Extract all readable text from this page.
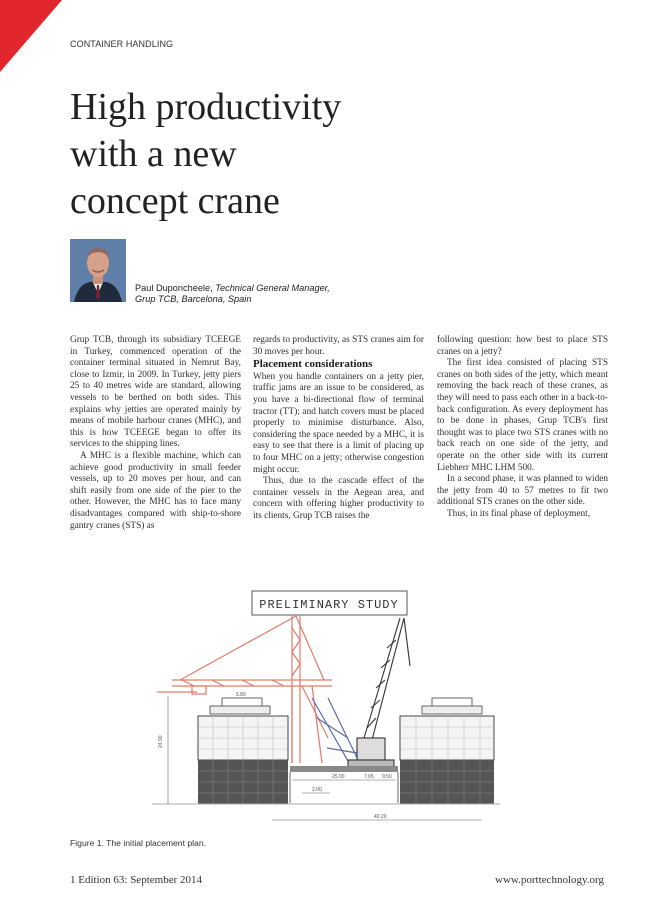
CONTAINER HANDLING
High productivity
with a new
concept crane
Paul Duponcheele, Technical General Manager,
Grup TCB, Barcelona, Spain

Grup TCB, through its subsidiary TCEEGE in Turkey, commenced operation of the container terminal situated in Nemrut Bay, close to Izmir, in 2009. In Turkey, jetty piers 25 to 40 metres wide are standard, allowing vessels to be berthed on both sides. This explains why jetties are operated mainly by means of mobile harbour cranes (MHC), and this is how TCEEGE began to offer its services to the shipping lines.

A MHC is a flexible machine, which can achieve good productivity in small feeder vessels, up to 20 moves per hour, and can shift easily from one side of the pier to the other. However, the MHC has to face many disadvantages compared with ship-to-shore gantry cranes (STS) as

regards to productivity, as STS cranes aim for 30 moves per hour.

Placement considerations

When you handle containers on a jetty pier, traffic jams are an issue to be considered, as you have a bi-directional flow of terminal tractor (TT); and hatch covers must be placed properly to minimise disturbance. Also, considering the space needed by a MHC, it is easy to see that there is a limit of placing up to four MHC on a jetty; otherwise congestion might occur.

Thus, due to the cascade effect of the container vessels in the Aegean area, and concern with offering higher productivity to its clients, Grup TCB raises the

following question: how best to place STS cranes on a jetty?

The first idea consisted of placing STS cranes on both sides of the jetty, which meant removing the back reach of these cranes, as they will need to pass each other in a back-to-back configuration. As every deployment has to be done in phases, Grup TCB's first thought was to place two STS cranes with no back reach on one side of the jetty, and operate on the other side with its current Liebherr MHC LHM 500.

In a second phase, it was planned to widen the jetty from 40 to 57 metres to fit two additional STS cranes on the other side.

Thus, in its final phase of deployment,

PRELIMINARY STUDY
24.90
25.00	7.65 9.50
5.80
40.20
2.00
Figure 1. The initial placement plan.
1 Edition 63: September 2014	www.porttechnology.org
